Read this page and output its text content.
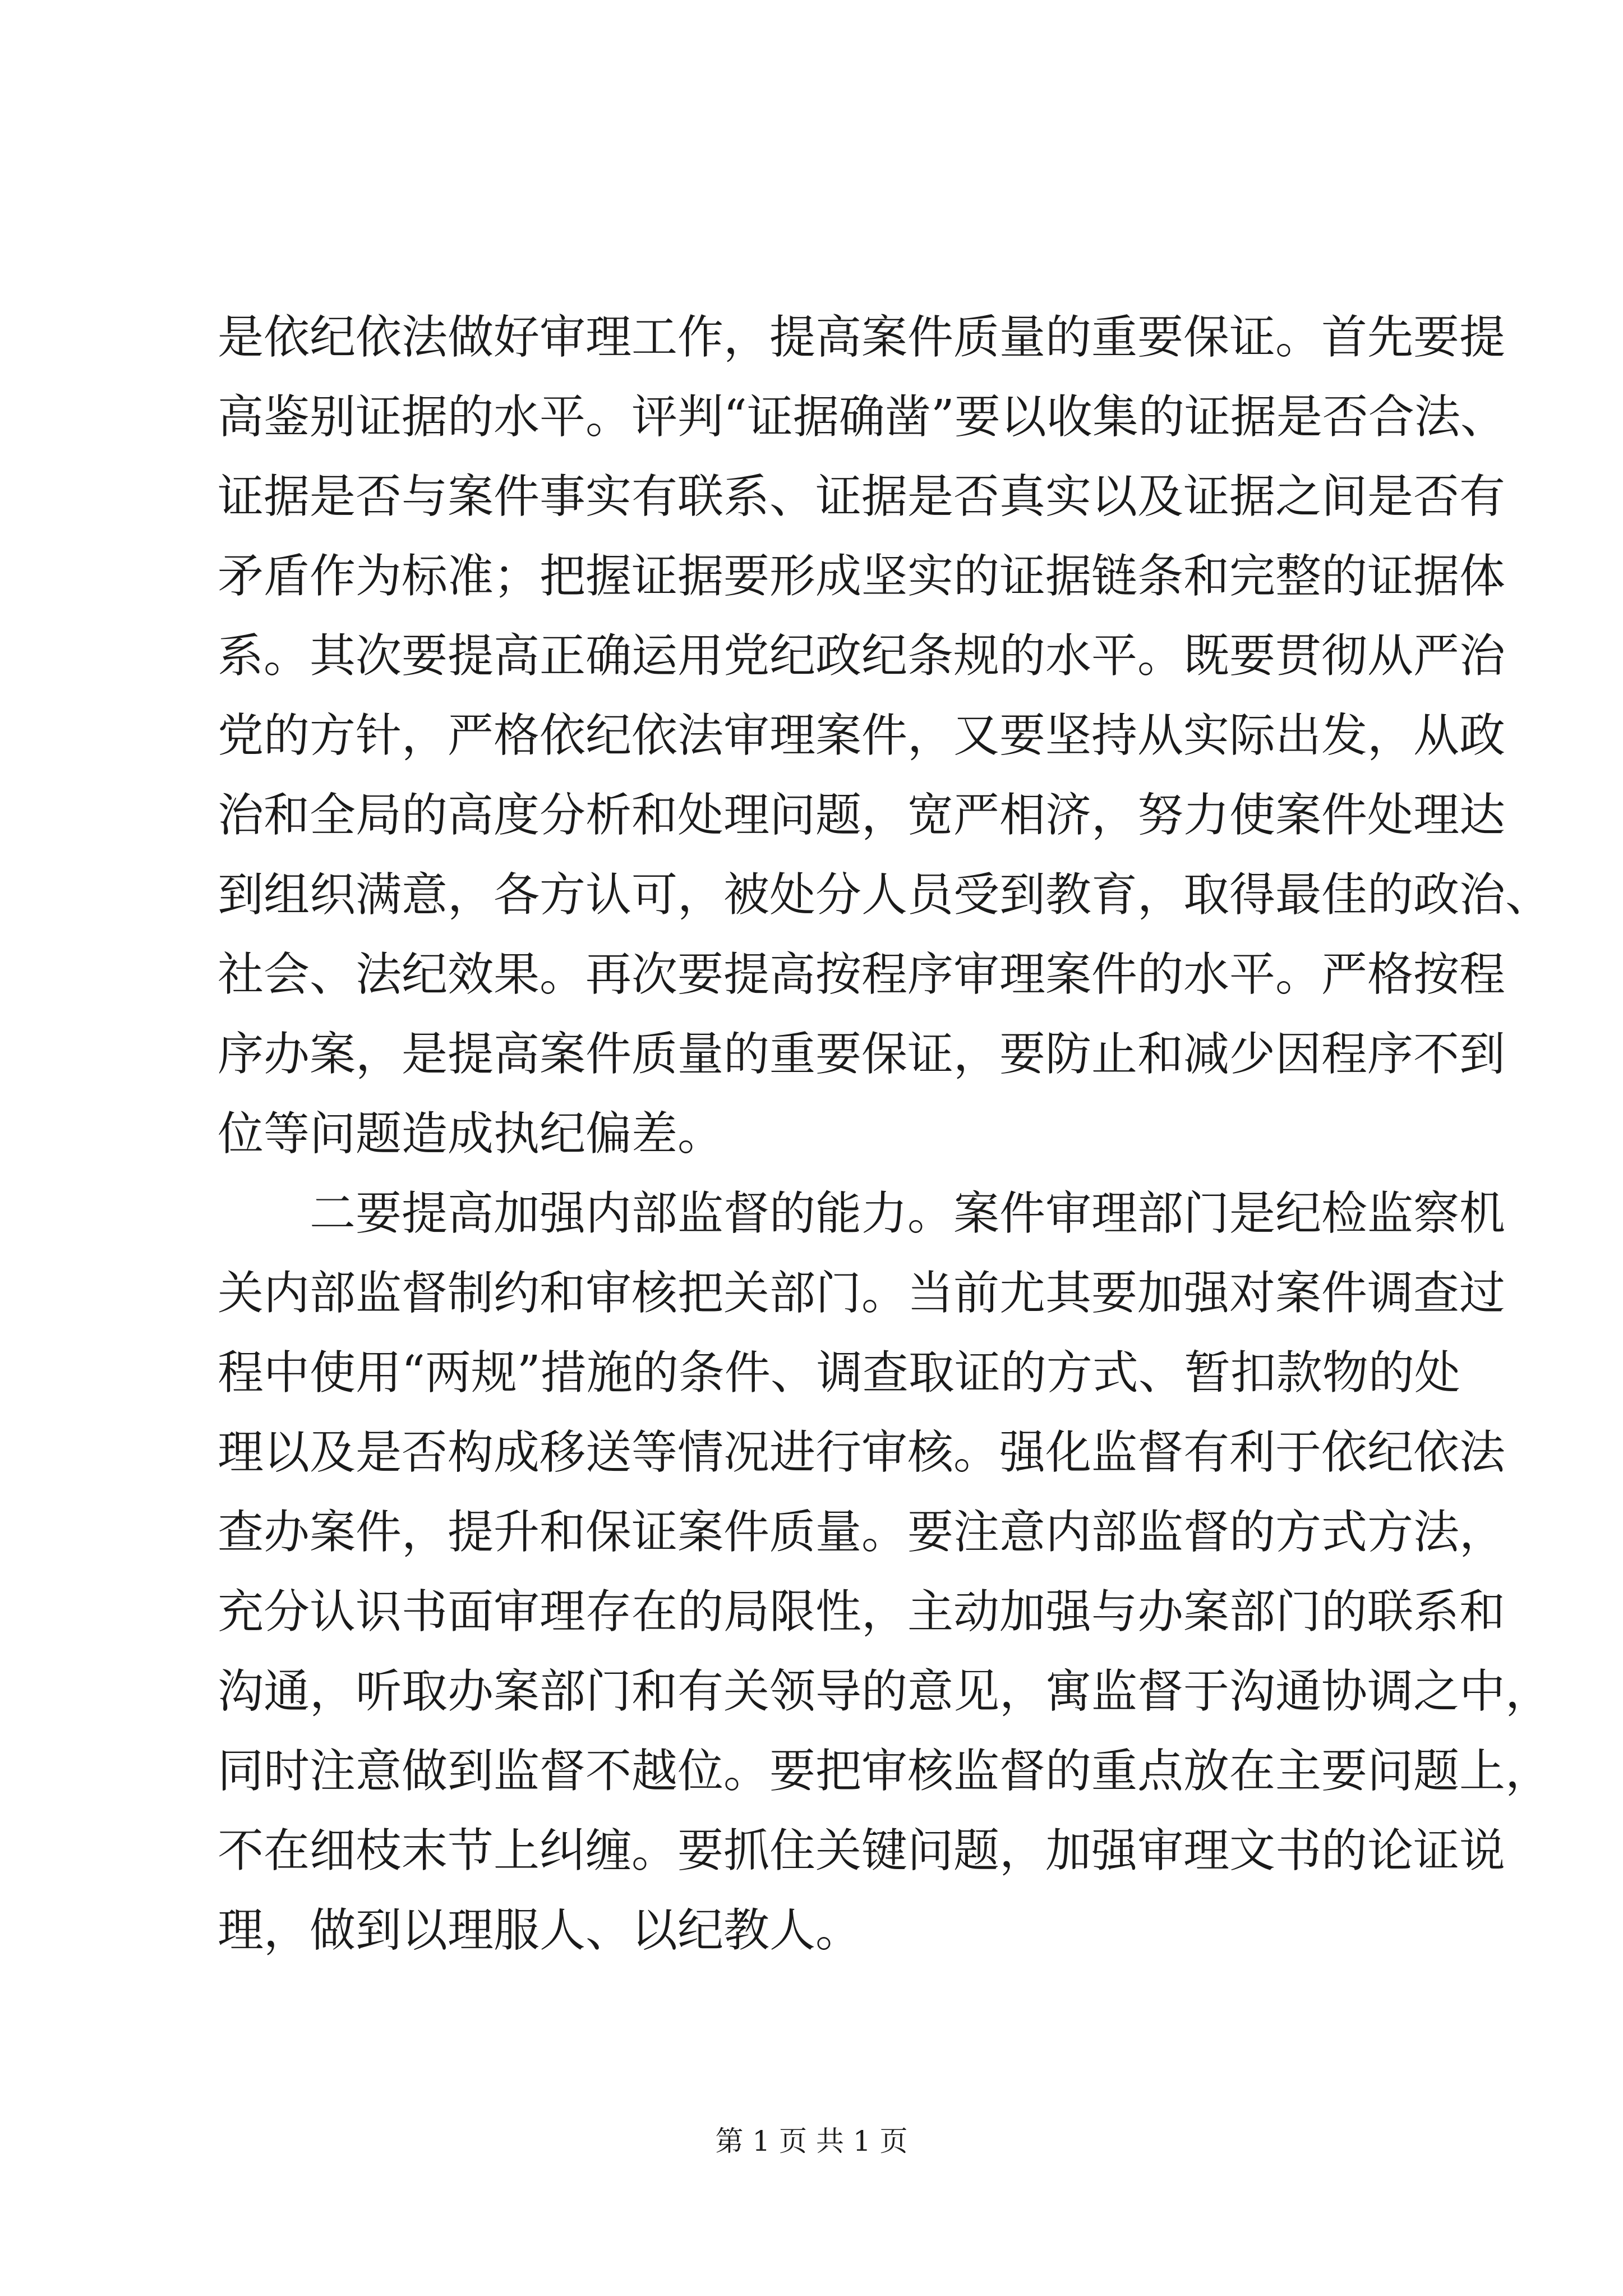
是依纪依法做好审理工作，提高案件质量的重要保证。首先要提
高鉴别证据的水平。评判“证据确凿”要以收集的证据是否合法、
证据是否与案件事实有联系、证据是否真实以及证据之间是否有
矛盾作为标准；把握证据要形成坚实的证据链条和完整的证据体
系。其次要提高正确运用党纪政纪条规的水平。既要贯彻从严治
党的方针，严格依纪依法审理案件，又要坚持从实际出发，从政
治和全局的高度分析和处理问题，宽严相济，努力使案件处理达
到组织满意，各方认可，被处分人员受到教育，取得最佳的政治、
社会、法纪效果。再次要提高按程序审理案件的水平。严格按程
序办案，是提高案件质量的重要保证，要防止和减少因程序不到
位等问题造成执纪偏差。
二要提高加强内部监督的能力。案件审理部门是纪检监察机
关内部监督制约和审核把关部门。当前尤其要加强对案件调查过
程中使用“两规”措施的条件、调查取证的方式、暂扣款物的处
理以及是否构成移送等情况进行审核。强化监督有利于依纪依法
查办案件，提升和保证案件质量。要注意内部监督的方式方法，
充分认识书面审理存在的局限性，主动加强与办案部门的联系和
沟通，听取办案部门和有关领导的意见，寓监督于沟通协调之中，
同时注意做到监督不越位。要把审核监督的重点放在主要问题上，
不在细枝末节上纠缠。要抓住关键问题，加强审理文书的论证说
理，做到以理服人、以纪教人。
第 1 页 共 1 页
